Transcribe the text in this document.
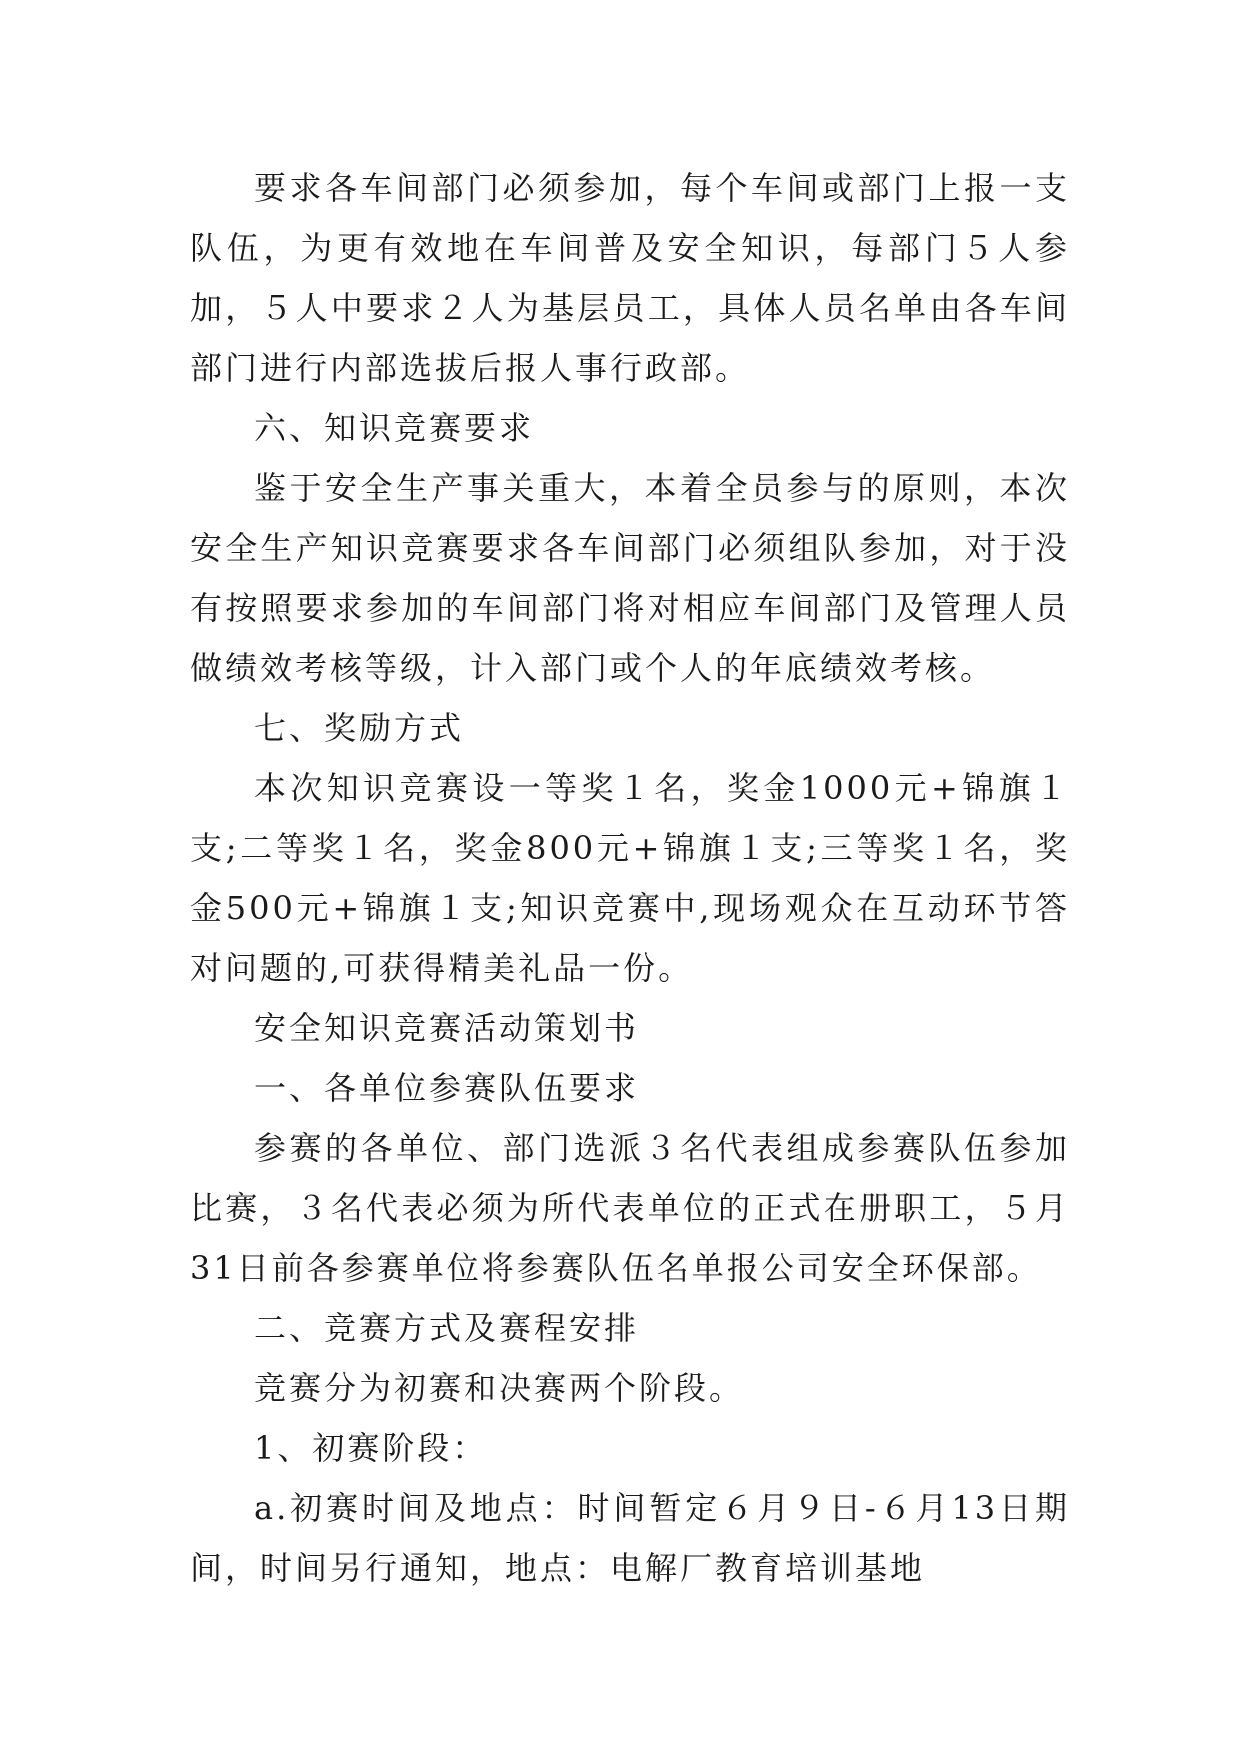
要求各车间部门必须参加，每个车间或部门上报一支队伍，为更有效地在车间普及安全知识，每部门５人参加，５人中要求２人为基层员工，具体人员名单由各车间部门进行内部选拔后报人事行政部。

六、知识竞赛要求

鉴于安全生产事关重大，本着全员参与的原则，本次安全生产知识竞赛要求各车间部门必须组队参加，对于没有按照要求参加的车间部门将对相应车间部门及管理人员做绩效考核等级，计入部门或个人的年底绩效考核。

七、奖励方式

本次知识竞赛设一等奖１名，奖金1000元+锦旗１支;二等奖１名，奖金800元+锦旗１支;三等奖１名，奖金500元+锦旗１支;知识竞赛中,现场观众在互动环节答对问题的,可获得精美礼品一份。

安全知识竞赛活动策划书

一、各单位参赛队伍要求

参赛的各单位、部门选派３名代表组成参赛队伍参加比赛，３名代表必须为所代表单位的正式在册职工，５月31日前各参赛单位将参赛队伍名单报公司安全环保部。

二、竞赛方式及赛程安排

竞赛分为初赛和决赛两个阶段。

1、初赛阶段：

a.初赛时间及地点：时间暂定６月９日-６月13日期间，时间另行通知，地点：电解厂教育培训基地
